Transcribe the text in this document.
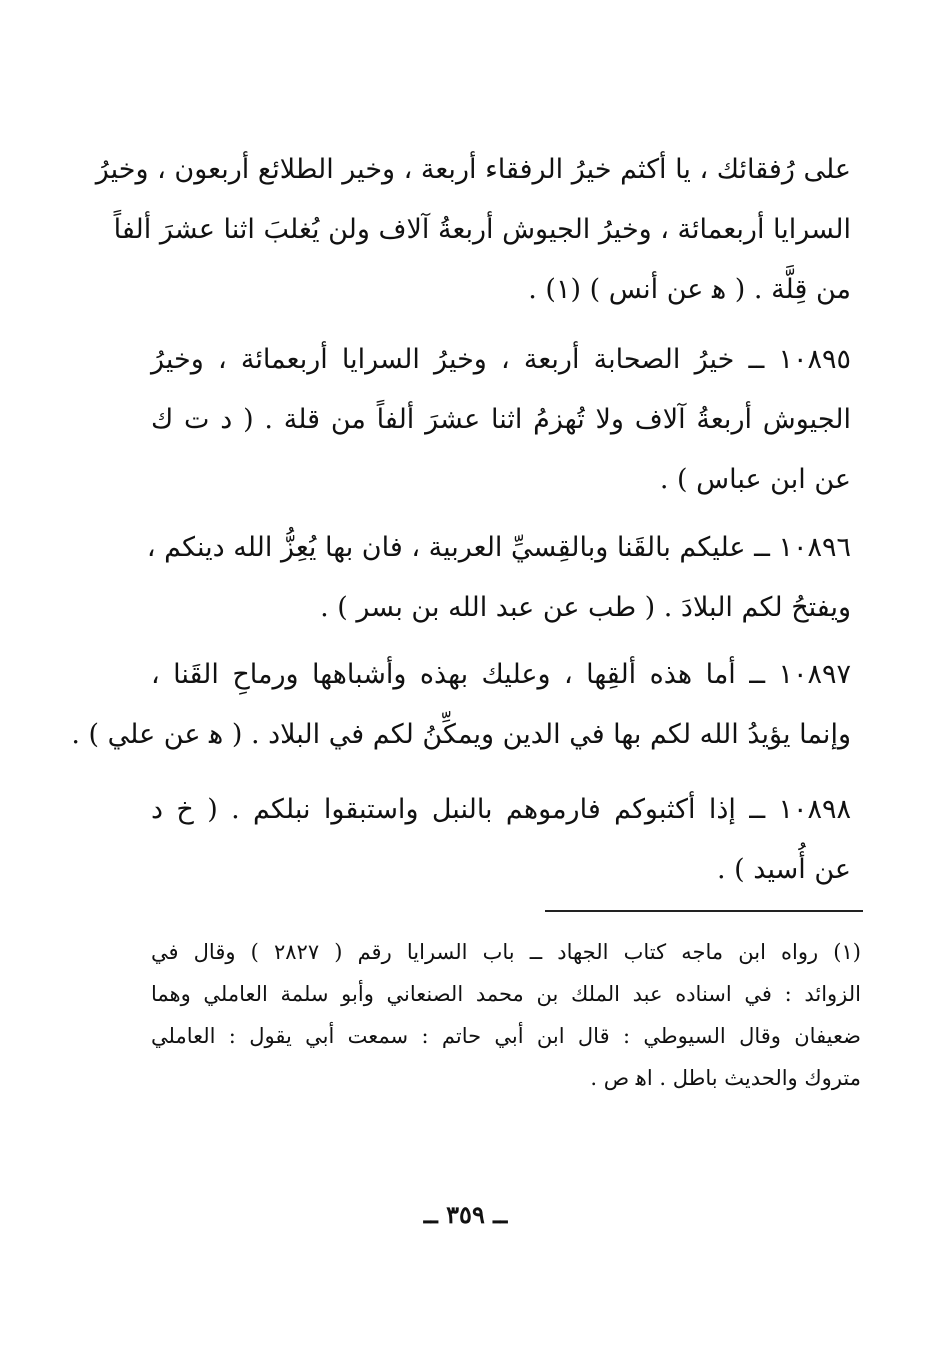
على رُفقائك ، يا أكثم خيرُ الرفقاء أربعة ، وخير الطلائع أربعون ، وخيرُ
السرايا أربعمائة ، وخيرُ الجيوش أربعةُ آلاف ولن يُغلبَ اثنا عشرَ ألفاً
من قِلَّة . ( ﻫ عن أنس ) (١) .
١٠٨٩٥ ــ خيرُ الصحابة أربعة ، وخيرُ السرايا أربعمائة ، وخيرُ
الجيوش أربعةُ آلاف ولا تُهزمُ اثنا عشرَ ألفاً من قلة . ( د ت ك
عن ابن عباس ) .
١٠٨٩٦ ــ عليكم بالقَنا وبالقِسيِّ العربية ، فان بها يُعِزُّ الله دينكم ،
ويفتحُ لكم البلادَ . ( طب عن عبد الله بن بسر ) .
١٠٨٩٧ ــ أما هذه ألقِها ، وعليك بهذه وأشباهها ورماحِ القَنا ،
وإنما يؤيدُ الله لكم بها في الدين ويمكِّنُ لكم في البلاد . ( ﻫ عن علي ) .
١٠٨٩٨ ــ إذا أكثبوكم فارموهم بالنبل واستبقوا نبلكم . ( خ د
عن أُسيد ) .
(١) رواه ابن ماجه كتاب الجهاد ــ باب السرايا رقم ( ٢٨٢٧ ) وقال في
الزوائد : في اسناده عبد الملك بن محمد الصنعاني وأبو سلمة العاملي وهما
ضعيفان وقال السيوطي : قال ابن أبي حاتم : سمعت أبي يقول : العاملي
متروك والحديث باطل . اﻫ ص .
ــ ٣٥٩ ــ
